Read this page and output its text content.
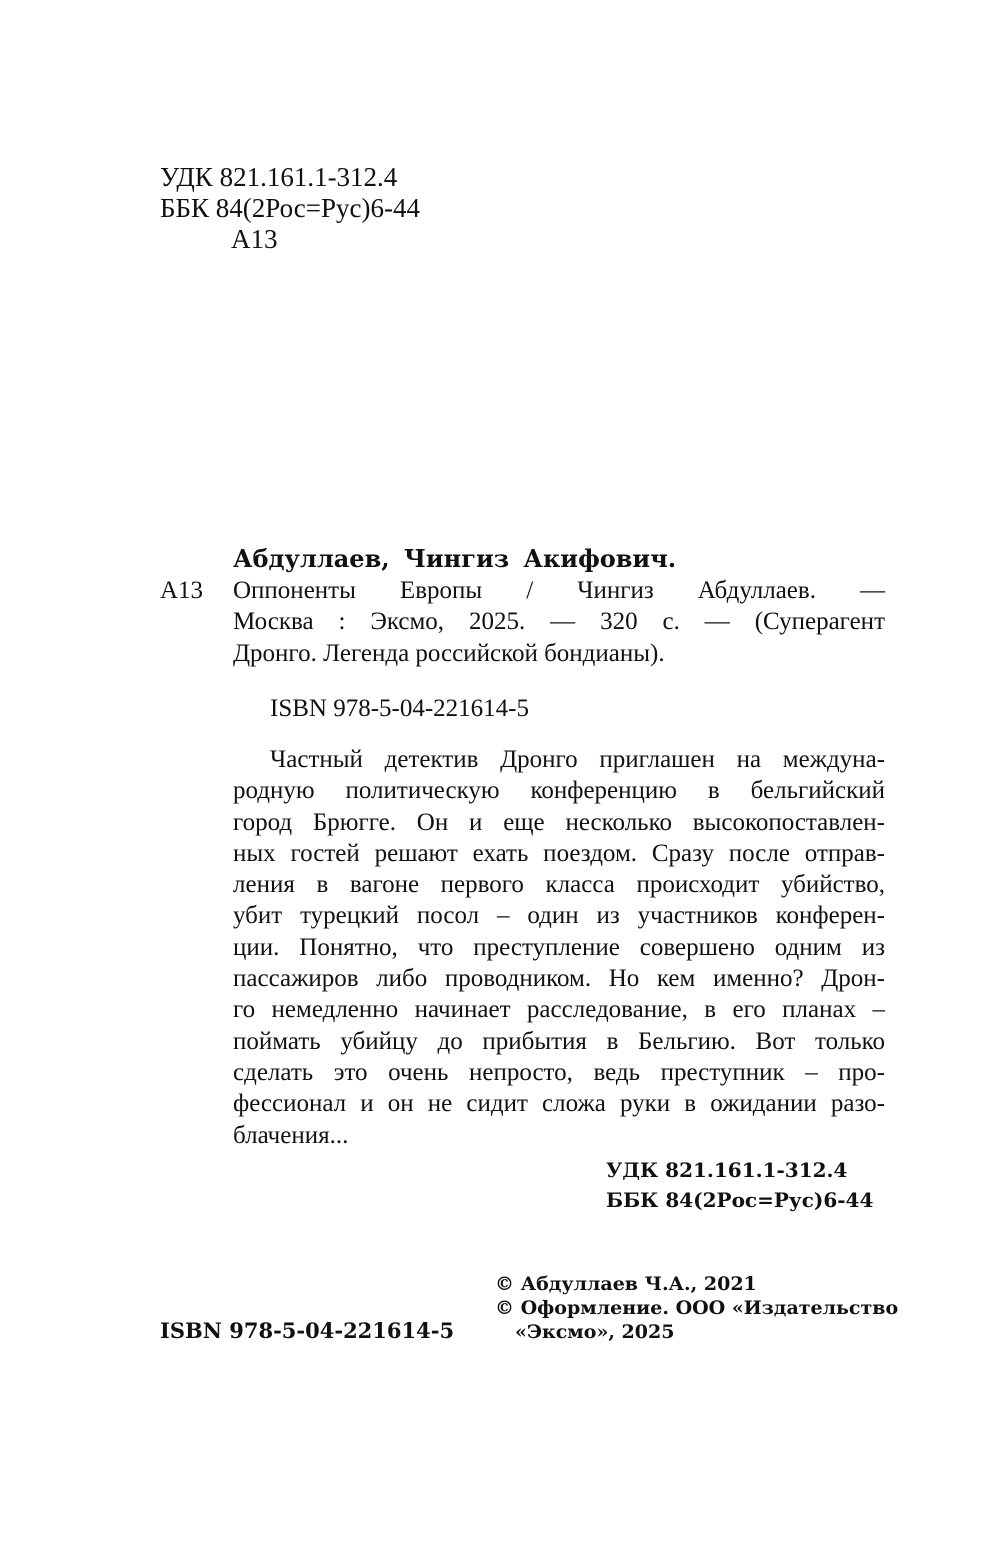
УДК 821.161.1-312.4
ББК 84(2Рос=Рус)6-44
А13
Абдуллаев, Чингиз Акифович.
А13 Оппоненты Европы / Чингиз Абдуллаев. —
Москва : Эксмо, 2025. — 320 с. — (Суперагент
Дронго. Легенда российской бондианы).
ISBN 978-5-04-221614-5
Частный детектив Дронго приглашен на междуна-
родную политическую конференцию в бельгийский
город Брюгге. Он и еще несколько высокопоставлен-
ных гостей решают ехать поездом. Сразу после отправ-
ления в вагоне первого класса происходит убийство,
убит турецкий посол – один из участников конферен-
ции. Понятно, что преступление совершено одним из
пассажиров либо проводником. Но кем именно? Дрон-
го немедленно начинает расследование, в его планах –
поймать убийцу до прибытия в Бельгию. Вот только
сделать это очень непросто, ведь преступник – про-
фессионал и он не сидит сложа руки в ожидании разо-
блачения...
УДК 821.161.1-312.4
ББК 84(2Рос=Рус)6-44
ISBN 978-5-04-221614-5
© Абдуллаев Ч.А., 2021
© Оформление. ООО «Издательство
«Эксмо», 2025
